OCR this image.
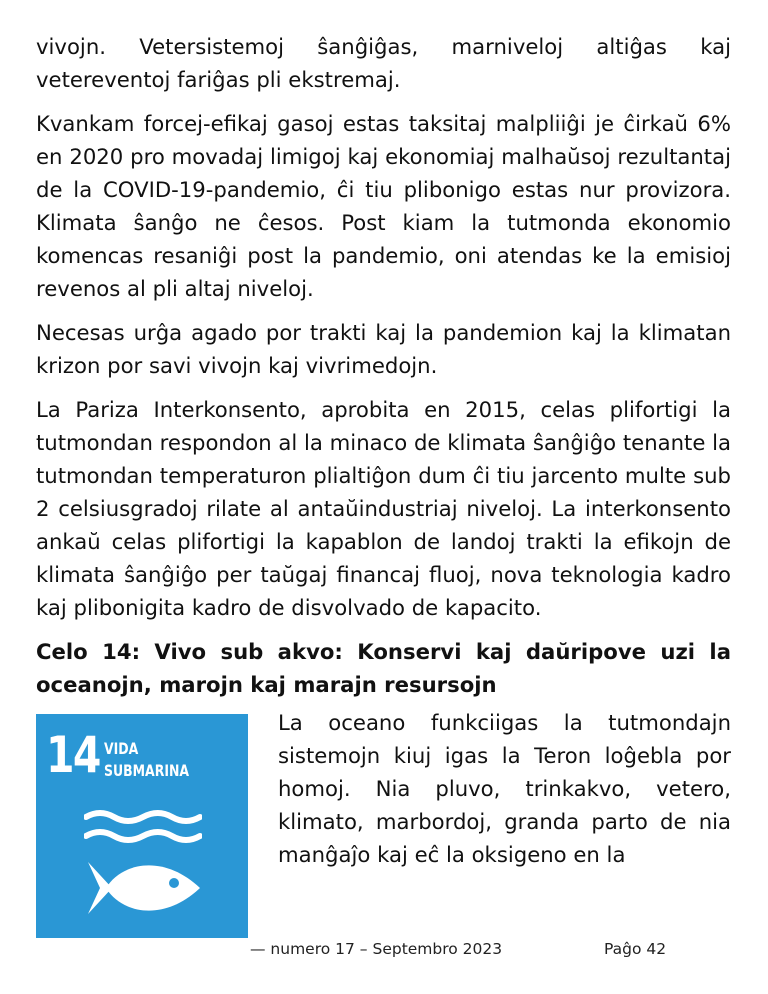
vivojn. Vetersistemoj ŝanĝiĝas, marniveloj altiĝas kaj vetereventoj fariĝas pli ekstremaj.

Kvankam forcej-efikaj gasoj estas taksitaj malpliiĝi je ĉirkaŭ 6% en 2020 pro movadaj limigoj kaj ekonomiaj malhaŭsoj rezultantaj de la COVID-19-pandemio, ĉi tiu plibonigo estas nur provizora. Klimata ŝanĝo ne ĉesos. Post kiam la tutmonda ekonomio komencas resaniĝi post la pandemio, oni atendas ke la emisioj revenos al pli altaj niveloj.

Necesas urĝa agado por trakti kaj la pandemion kaj la klimatan krizon por savi vivojn kaj vivrimedojn.

La Pariza Interkonsento, aprobita en 2015, celas plifortigi la tutmondan respondon al la minaco de klimata ŝanĝiĝo tenante la tutmondan temperaturon plialtiĝon dum ĉi tiu jarcento multe sub 2 celsiusgradoj rilate al antaŭindustriaj niveloj. La interkonsento ankaŭ celas plifortigi la kapablon de landoj trakti la efikojn de klimata ŝanĝiĝo per taŭgaj financaj fluoj, nova teknologia kadro kaj plibonigita kadro de disvolvado de kapacito.

Celo 14: Vivo sub akvo: Konservi kaj daŭripove uzi la oceanojn, marojn kaj marajn resursojn
14 VIDA
SUBMARINA

La oceano funkciigas la tutmondajn sistemojn kiuj igas la Teron loĝebla por homoj. Nia pluvo, trinkakvo, vetero, klimato, marbordoj, granda parto de nia manĝaĵo kaj eĉ la oksigeno en la

— numero 17 – Septembro 2023	Paĝo 42
